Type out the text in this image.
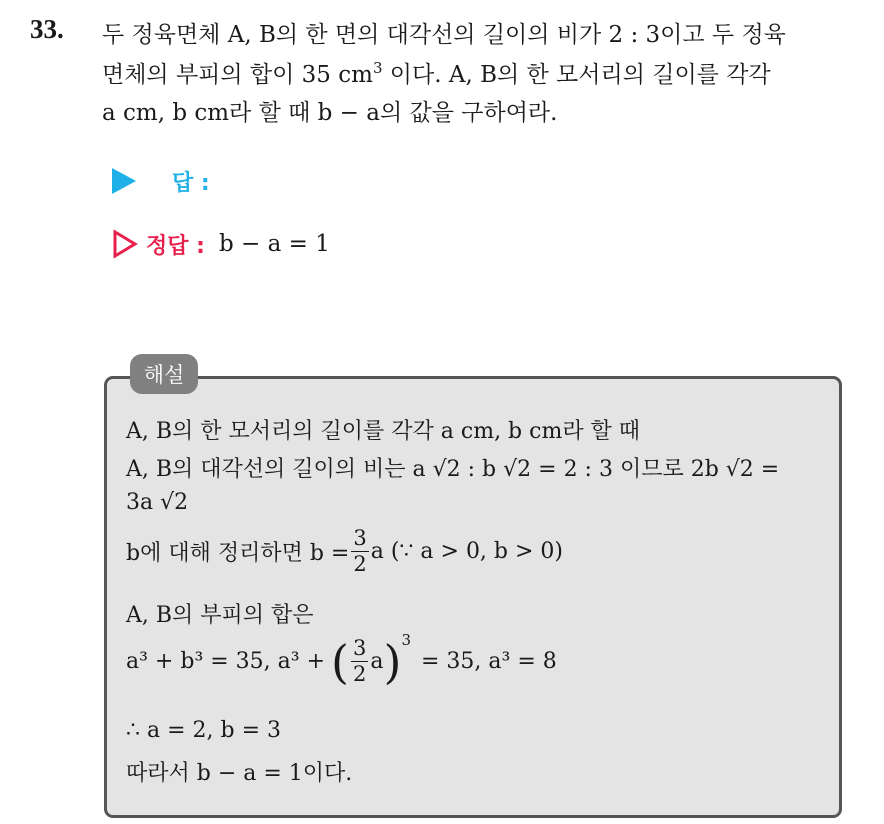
33. 두 정육면체 A, B의 한 면의 대각선의 길이의 비가 2 : 3이고 두 정육
면체의 부피의 합이 35 $cm^3$ 이다. A, B의 한 모서리의 길이를 각각
a cm, b cm라 할 때 b − a의 값을 구하여라.
답 :
정답 : b − a = 1
해설
A, B의 한 모서리의 길이를 각각 a cm, b cm라 할 때
A, B의 대각선의 길이의 비는 a √2 : b √2 = 2 : 3 이므로 2b √2 =
3a √2
b에 대해 정리하면 $b = \frac{3}{2}$ a (∵ a > 0, b > 0)
A, B의 부피의 합은
a³ + b³ = 35, a³ + ( $\frac{3}{2}$ a ) 3
= 35, a³ = 8
∴ a = 2, b = 3
따라서 b − a = 1이다.
